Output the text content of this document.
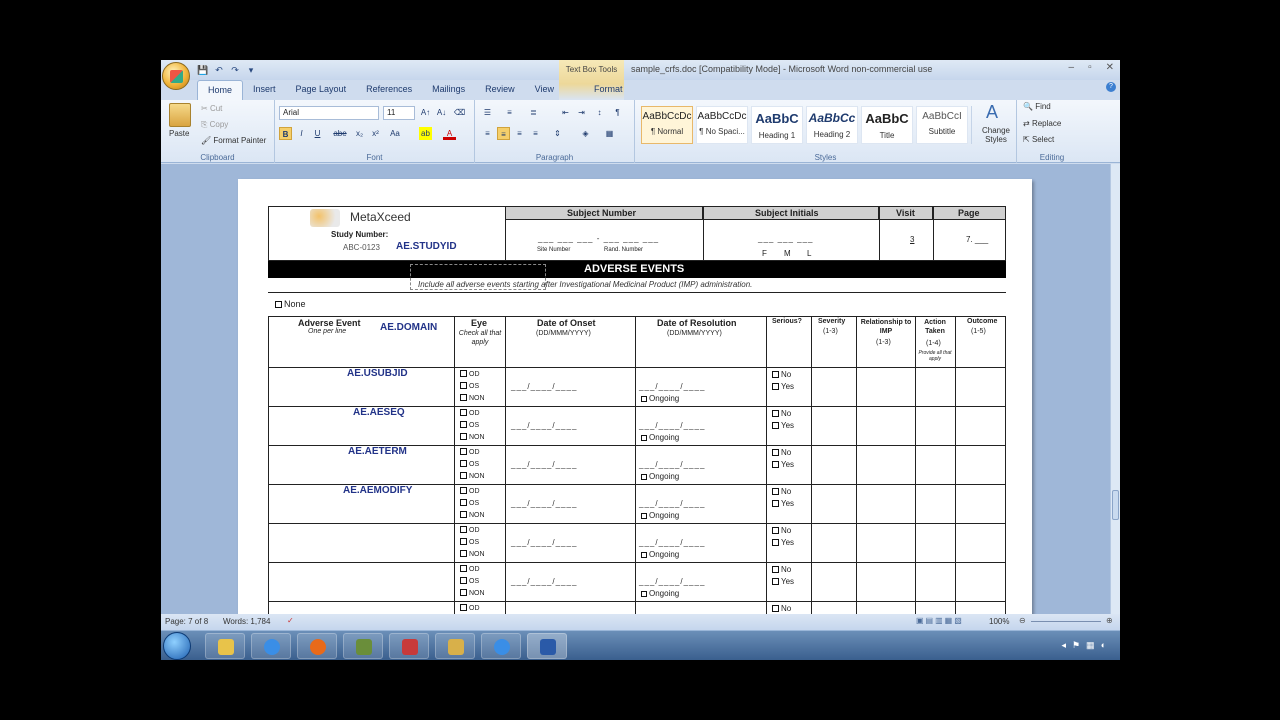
💾 ↶ ↷	▾	Text Box Tools	sample_crfs.doc [Compatibility Mode] - Microsoft Word non-commercial use	‒ ▫ ✕
Home	Insert	Page Layout	References	Mailings	Review	View	Format	?
Paste
✂ Cut
⎘ Copy
🖌 Format Painter
Clipboard
Arial	11	A↑ A↓ ⌫
B	I	U	abe	x₂	x²	Aa	ab	A
Font
☰	≡	≣	⇤	⇥	↕	¶
≡	≡	≡	≡	⇕	◈	▦
Paragraph
AaBbCcDc
¶ Normal
AaBbCcDc
¶ No Spaci...
AaBbC
Heading 1
AaBbCc
Heading 2
AaBbC
Title
AaBbCcI
Subtitle
A
Change Styles
Styles
🔍 Find
⇄ Replace
⇱ Select
Editing
Subject Number	Subject Initials	Visit	Page
MetaXceed
Study Number:
ABC-0123 AE.STUDYID
___ ___ ___ - ___ ___ ___
Site Number	Rand. Number
___ ___ ___
F M L
3	7. ___
ADVERSE EVENTS
Include all adverse events starting after Investigational Medicinal Product (IMP) administration.
None
Adverse Event
One per line
Eye	Date of Onset
(DD/MMM/YYYY)
Date of Resolution
(DD/MMM/YYYY)
Serious? Severity
(1-3)
(1-3)	(1-4)
Outcome
(1-5)
Relationship to IMP
Action Taken
Provide all that apply
Check all that apply
AE.DOMAIN
AE.USUBJID	OD
OS
NON
___/____/____	___/____/____
Ongoing
No
Yes
AE.AESEQ	OD
OS
NON
___/____/____	___/____/____
Ongoing
No
Yes
AE.AETERM	OD
OS
NON
___/____/____	___/____/____
Ongoing
No
Yes
AE.AEMODIFY	OD
OS
NON
___/____/____	___/____/____
Ongoing
No
Yes
OD
OS
NON
___/____/____	___/____/____
Ongoing
No
Yes
OD
OS
NON
___/____/____	___/____/____
Ongoing
No
Yes
OD	No
Page: 7 of 8 Words: 1,784 ✓	▣▤▥▦▧	100% ⊖	⊕
◂ ⚑ ▦ ◐
